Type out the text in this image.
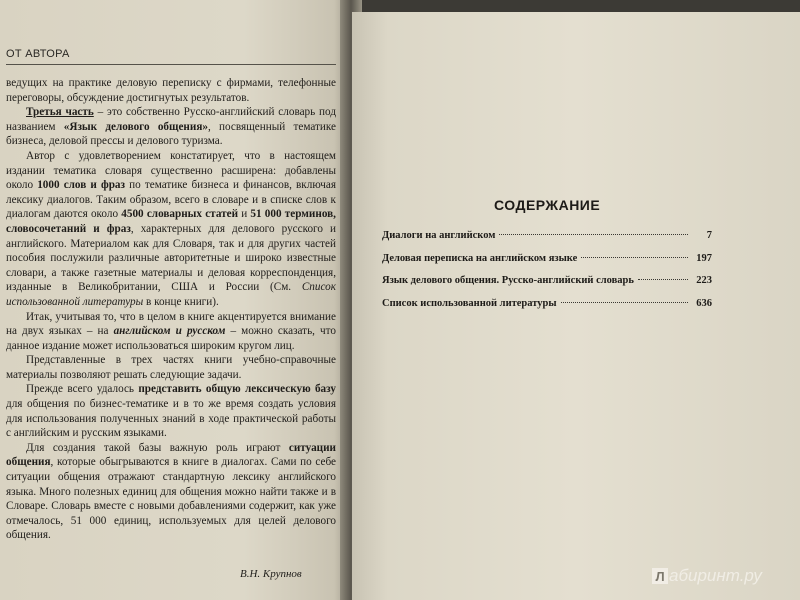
ОТ АВТОРА

ведущих на практике деловую переписку с фирмами, телефонные переговоры, обсуждение достигнутых результатов.

Третья часть – это собственно Русско-английский словарь под названием «Язык делового общения», посвященный тематике бизнеса, деловой прессы и делового туризма.

Автор с удовлетворением констатирует, что в настоящем издании тематика словаря существенно расширена: добавлены около 1000 слов и фраз по тематике бизнеса и финансов, включая лексику диалогов. Таким образом, всего в словаре и в списке слов к диалогам даются около 4500 словарных статей и 51 000 терминов, словосочетаний и фраз, характерных для делового русского и английского. Материалом как для Словаря, так и для других частей пособия послужили различные авторитетные и широко известные словари, а также газетные материалы и деловая корреспонденция, изданные в Великобритании, США и России (См. Список использованной литературы в конце книги).

Итак, учитывая то, что в целом в книге акцентируется внимание на двух языках – на английском и русском – можно сказать, что данное издание может использоваться широким кругом лиц.

Представленные в трех частях книги учебно-справочные материалы позволяют решать следующие задачи.

Прежде всего удалось представить общую лексическую базу для общения по бизнес-тематике и в то же время создать условия для использования полученных знаний в ходе практической работы с английским и русским языками.

Для создания такой базы важную роль играют ситуации общения, которые обыгрываются в книге в диалогах. Сами по себе ситуации общения отражают стандартную лексику английского языка. Много полезных единиц для общения можно найти также и в Словаре. Словарь вместе с новыми добавлениями содержит, как уже отмечалось, 51 000 единиц, используемых для целей делового общения.

В.Н. Крупнов
СОДЕРЖАНИЕ
Диалоги на английском	7
Деловая переписка на английском языке	197
Язык делового общения. Русско-английский словарь	223
Список использованной литературы	636
Л абиринт.ру
